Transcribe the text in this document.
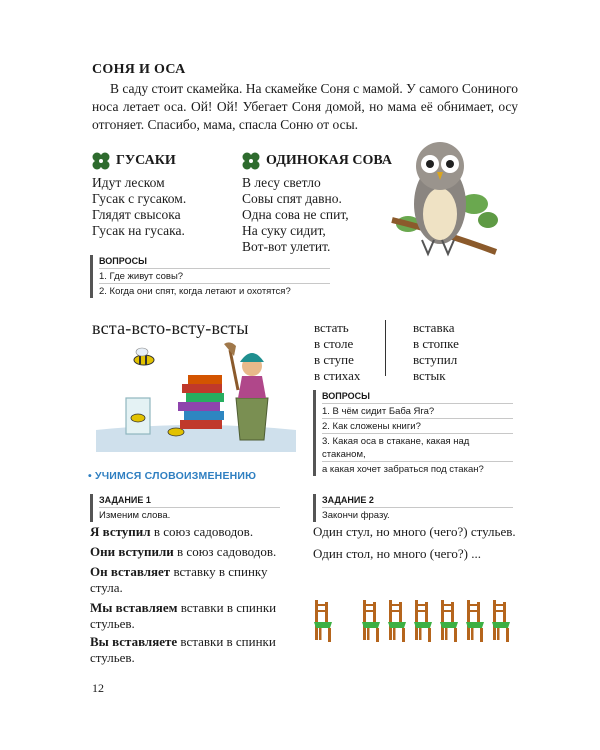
СОНЯ И ОСА
В саду стоит скамейка. На скамейке Соня с мамой. У самого Сониного носа летает оса. Ой! Ой! Убегает Соня домой, но мама её обнимает, осу отгоняет. Спасибо, мама, спасла Соню от осы.
ГУСАКИ
Идут леском
Гусак с гусаком.
Глядят свысока
Гусак на гусака.
ОДИНОКАЯ СОВА
В лесу светло
Совы спят давно.
Одна сова не спит,
На суку сидит,
Вот-вот улетит.
ВОПРОСЫ
1. Где живут совы?
2. Когда они спят, когда летают и охотятся?
вста-всто-всту-всты	встать
в столе
в ступе
в стихах
вставка
в стопке
вступил
встык
ВОПРОСЫ
1. В чём сидит Баба Яга?
2. Как сложены книги?
3. Какая оса в стакане, какая над стаканом,
а какая хочет забраться под стакан?
• УЧИМСЯ СЛОВОИЗМЕНЕНИЮ
ЗАДАНИЕ 1
Изменим слова.
Я вступил в союз садоводов.
Они вступили в союз садоводов.
Он вставляет вставку в спинку стула.
Мы вставляем вставки в спинки стульев.
Вы вставляете вставки в спинки стульев.
ЗАДАНИЕ 2
Закончи фразу.
Один стул, но много (чего?) стульев.
Один стол, но много (чего?) ...
12
